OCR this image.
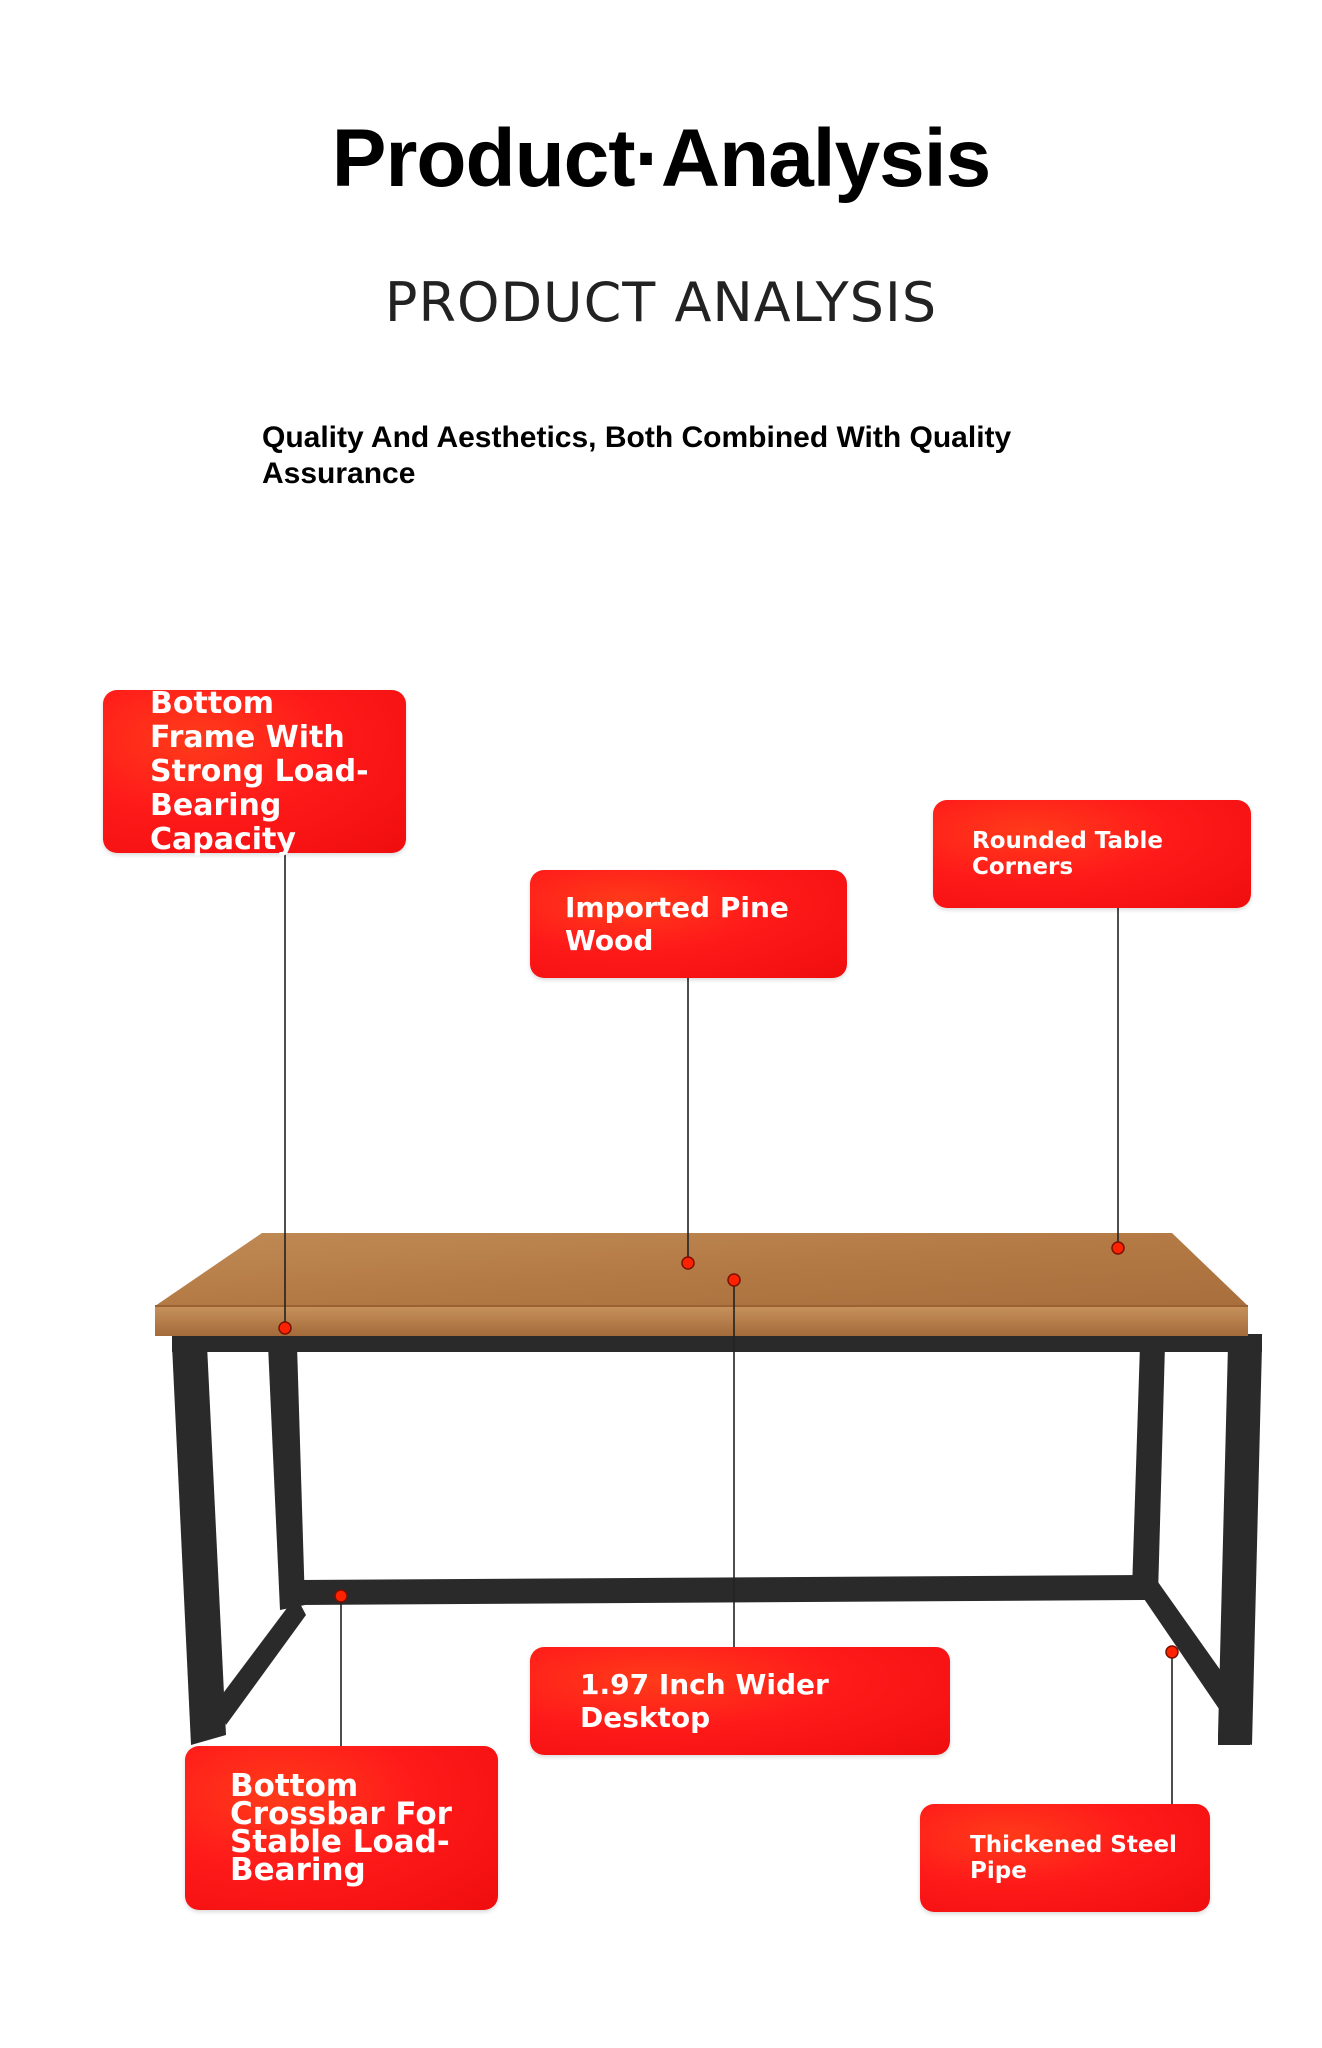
Product·Analysis
PRODUCT ANALYSIS
Quality And Aesthetics, Both Combined With Quality Assurance
Bottom Frame With Strong Load-Bearing Capacity
Imported Pine Wood
Rounded Table Corners
1.97 Inch Wider Desktop
Bottom Crossbar For Stable Load-Bearing
Thickened Steel Pipe
